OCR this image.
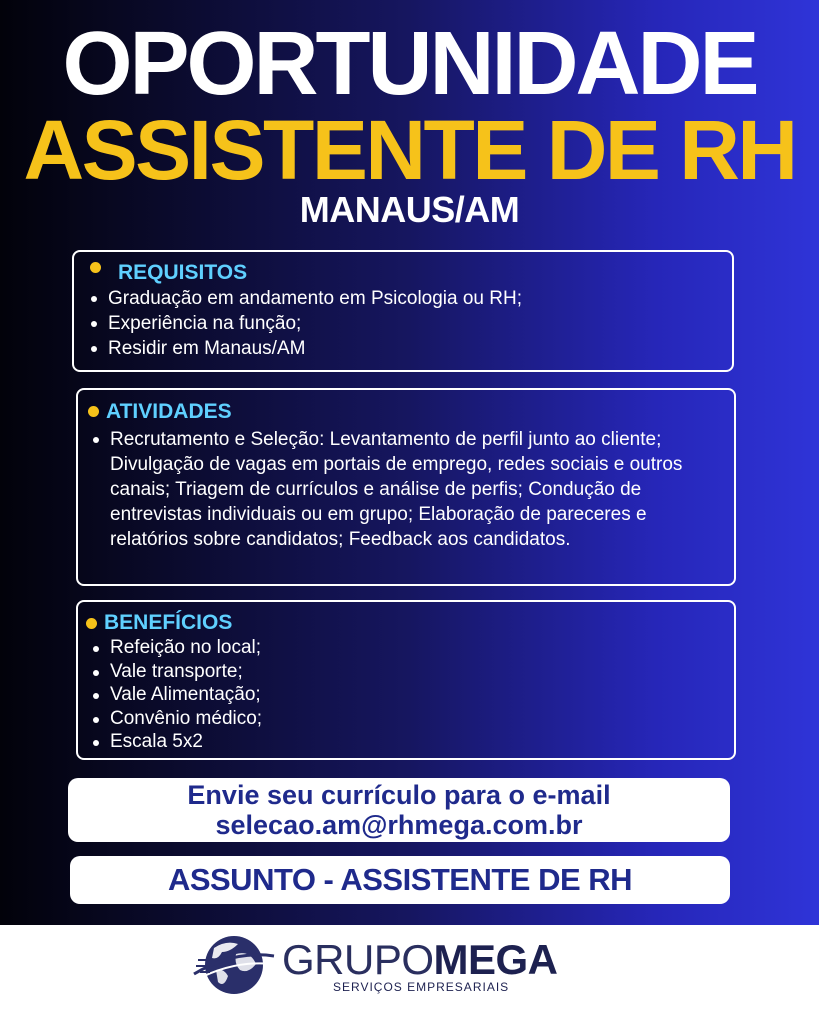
OPORTUNIDADE
ASSISTENTE DE RH
MANAUS/AM
REQUISITOS
Graduação em andamento em Psicologia ou RH;
Experiência na função;
Residir em Manaus/AM
ATIVIDADES
Recrutamento e Seleção: Levantamento de perfil junto ao cliente; Divulgação de vagas em portais de emprego, redes sociais e outros canais; Triagem de currículos e análise de perfis; Condução de entrevistas individuais ou em grupo; Elaboração de pareceres e relatórios sobre candidatos; Feedback aos candidatos.
BENEFÍCIOS
Refeição no local;
Vale transporte;
Vale Alimentação;
Convênio médico;
Escala 5x2
Envie seu currículo para o e-mail
selecao.am@rhmega.com.br
ASSUNTO - ASSISTENTE DE RH
GRUPOMEGA
SERVIÇOS EMPRESARIAIS
